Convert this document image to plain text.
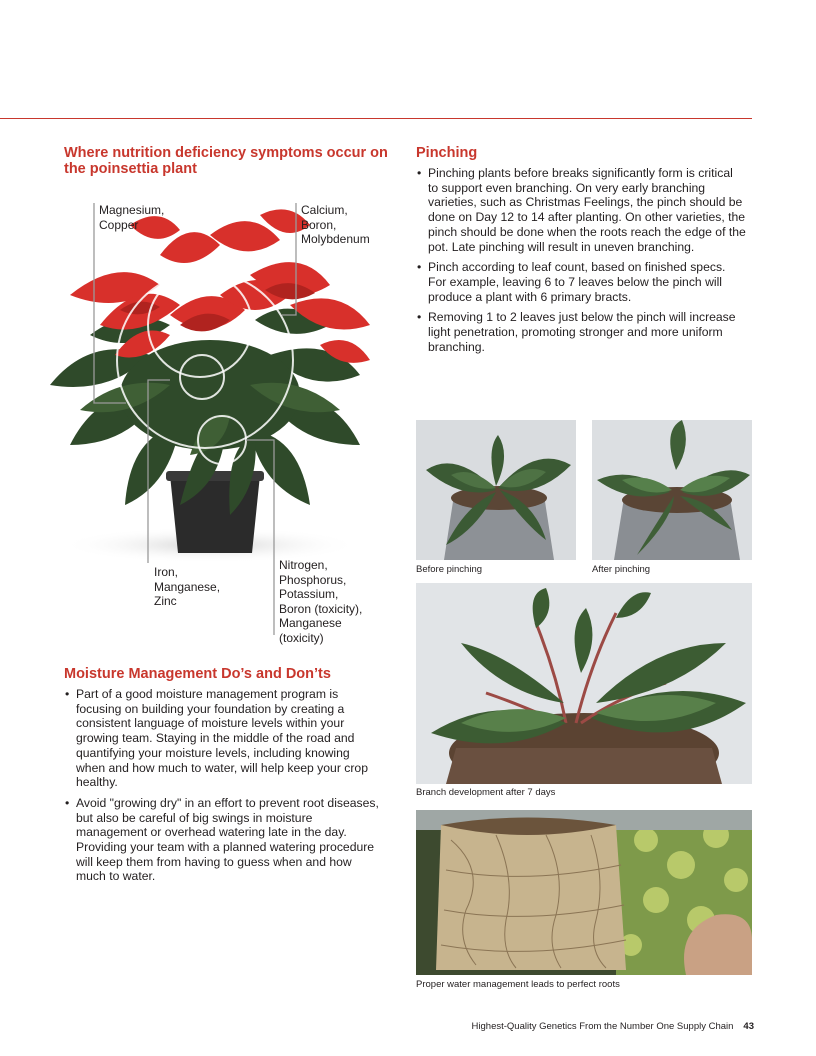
Where nutrition deficiency symptoms occur on the poinsettia plant
Magnesium,
Copper
Calcium,
Boron,
Molybdenum
Iron,
Manganese,
Zinc
Nitrogen,
Phosphorus,
Potassium,
Boron (toxicity),
Manganese
(toxicity)
Moisture Management Do’s and Don’ts
• Part of a good moisture management program is focusing on building your foundation by creating a consistent language of moisture levels within your growing team. Staying in the middle of the road and quantifying your moisture levels, including knowing when and how much to water, will help keep your crop healthy.
• Avoid "growing dry" in an effort to prevent root diseases, but also be careful of big swings in moisture management or overhead watering late in the day. Providing your team with a planned watering procedure will keep them from having to guess when and how much to water.
Pinching
• Pinching plants before breaks significantly form is critical to support even branching. On very early branching varieties, such as Christmas Feelings, the pinch should be done on Day 12 to 14 after planting. On other varieties, the pinch should be done when the roots reach the edge of the pot. Late pinching will result in uneven branching.
• Pinch according to leaf count, based on finished specs. For example, leaving 6 to 7 leaves below the pinch will produce a plant with 6 primary bracts.
• Removing 1 to 2 leaves just below the pinch will increase light penetration, promoting stronger and more uniform branching.
Before pinching	After pinching
Branch development after 7 days
Proper water management leads to perfect roots
Highest-Quality Genetics From the Number One Supply Chain 43
